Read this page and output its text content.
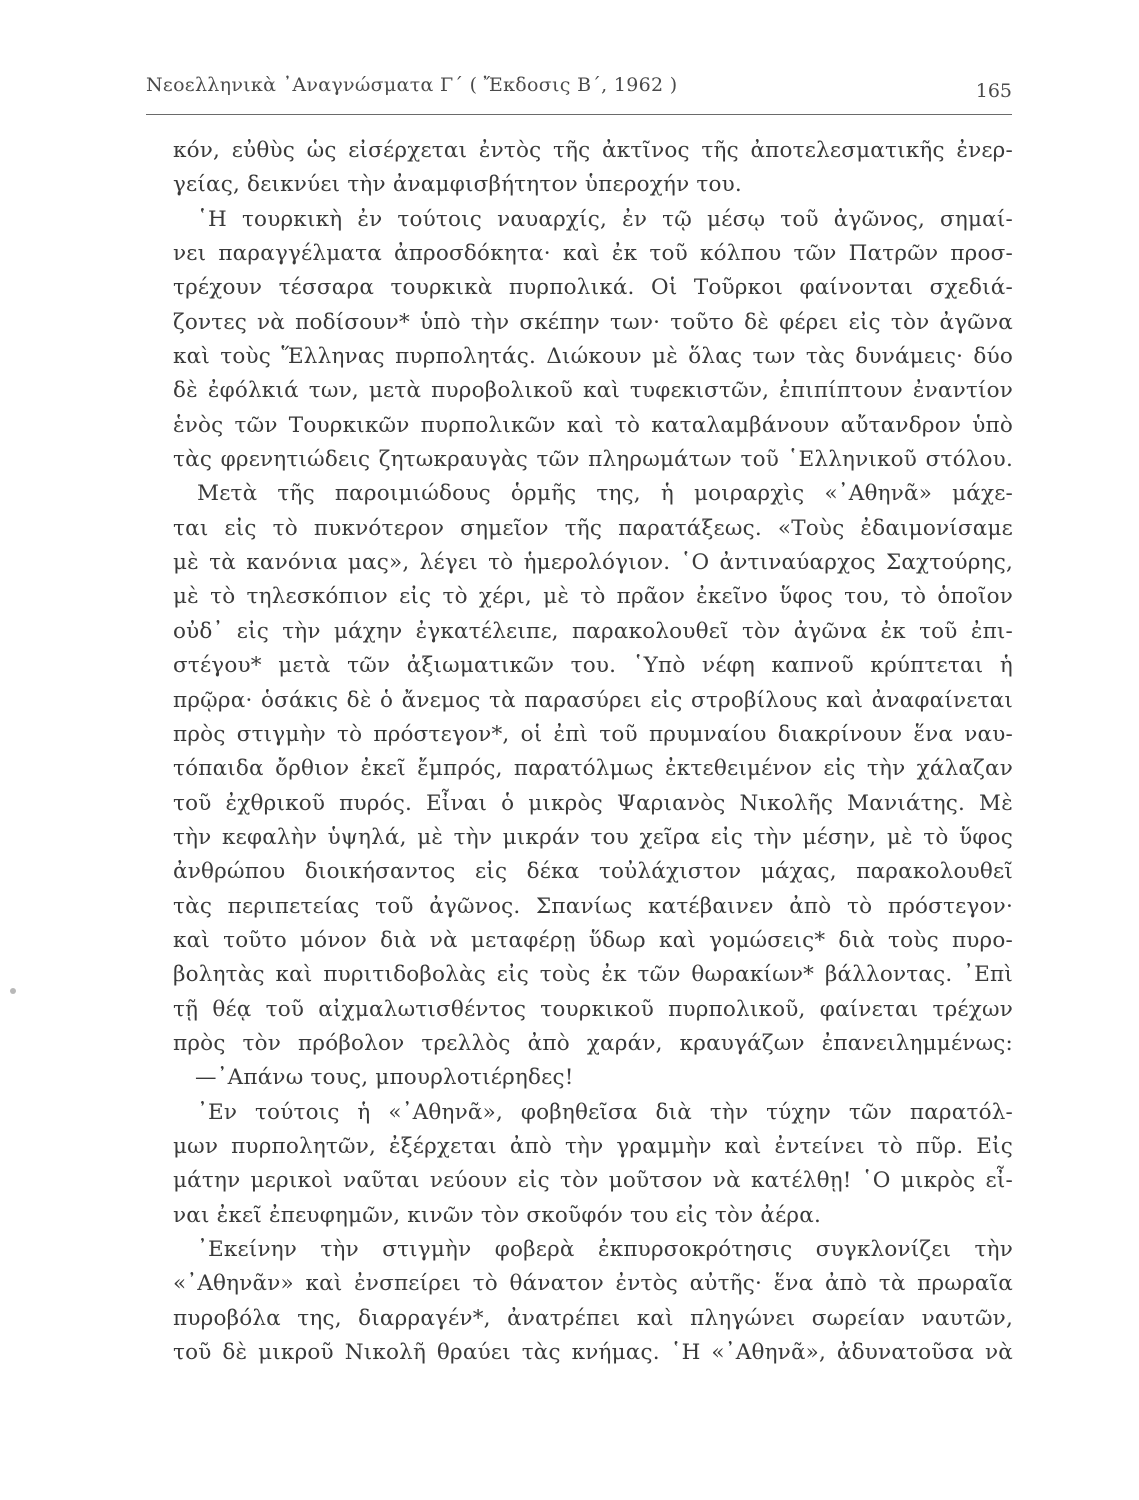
Νεοελληνικὰ ᾿Αναγνώσματα Γ΄ ( Ἔκδοσις Β΄, 1962 )	165
κόν, εὐθὺς ὡς εἰσέρχεται ἐντὸς τῆς ἀκτῖνος τῆς ἀποτελεσματικῆς ἐνερ-
γείας, δεικνύει τὴν ἀναμφισβήτητον ὑπεροχήν του.
῾Η τουρκικὴ ἐν τούτοις ναυαρχίς, ἐν τῷ μέσῳ τοῦ ἀγῶνος, σημαί-
νει παραγγέλματα ἀπροσδόκητα· καὶ ἐκ τοῦ κόλπου τῶν Πατρῶν προσ-
τρέχουν τέσσαρα τουρκικὰ πυρπολικά. Οἱ Τοῦρκοι φαίνονται σχεδιά-
ζοντες νὰ ποδίσουν* ὑπὸ τὴν σκέπην των· τοῦτο δὲ φέρει εἰς τὸν ἀγῶνα
καὶ τοὺς Ἕλληνας πυρπολητάς. Διώκουν μὲ ὅλας των τὰς δυνάμεις· δύο
δὲ ἐφόλκιά των, μετὰ πυροβολικοῦ καὶ τυφεκιστῶν, ἐπιπίπτουν ἐναντίον
ἑνὸς τῶν Τουρκικῶν πυρπολικῶν καὶ τὸ καταλαμβάνουν αὔτανδρον ὑπὸ
τὰς φρενητιώδεις ζητωκραυγὰς τῶν πληρωμάτων τοῦ ῾Ελληνικοῦ στόλου.
Μετὰ τῆς παροιμιώδους ὁρμῆς της, ἡ μοιραρχὶς «᾿Αθηνᾶ» μάχε-
ται εἰς τὸ πυκνότερον σημεῖον τῆς παρατάξεως. «Τοὺς ἐδαιμονίσαμε
μὲ τὰ κανόνια μας», λέγει τὸ ἡμερολόγιον. ῾Ο ἀντιναύαρχος Σαχτούρης,
μὲ τὸ τηλεσκόπιον εἰς τὸ χέρι, μὲ τὸ πρᾶον ἐκεῖνο ὕφος του, τὸ ὁποῖον
οὐδ᾿ εἰς τὴν μάχην ἐγκατέλειπε, παρακολουθεῖ τὸν ἀγῶνα ἐκ τοῦ ἐπι-
στέγου* μετὰ τῶν ἀξιωματικῶν του. ῾Υπὸ νέφη καπνοῦ κρύπτεται ἡ
πρῷρα· ὁσάκις δὲ ὁ ἄνεμος τὰ παρασύρει εἰς στροβίλους καὶ ἀναφαίνεται
πρὸς στιγμὴν τὸ πρόστεγον*, οἱ ἐπὶ τοῦ πρυμναίου διακρίνουν ἕνα ναυ-
τόπαιδα ὄρθιον ἐκεῖ ἔμπρός, παρατόλμως ἐκτεθειμένον εἰς τὴν χάλαζαν
τοῦ ἐχθρικοῦ πυρός. Εἶναι ὁ μικρὸς Ψαριανὸς Νικολῆς Μανιάτης. Μὲ
τὴν κεφαλὴν ὑψηλά, μὲ τὴν μικράν του χεῖρα εἰς τὴν μέσην, μὲ τὸ ὕφος
ἀνθρώπου διοικήσαντος εἰς δέκα τοὐλάχιστον μάχας, παρακολουθεῖ
τὰς περιπετείας τοῦ ἀγῶνος. Σπανίως κατέβαινεν ἀπὸ τὸ πρόστεγον·
καὶ τοῦτο μόνον διὰ νὰ μεταφέρῃ ὕδωρ καὶ γομώσεις* διὰ τοὺς πυρο-
βολητὰς καὶ πυριτιδοβολὰς εἰς τοὺς ἐκ τῶν θωρακίων* βάλλοντας. ᾿Επὶ
τῇ θέᾳ τοῦ αἰχμαλωτισθέντος τουρκικοῦ πυρπολικοῦ, φαίνεται τρέχων
πρὸς τὸν πρόβολον τρελλὸς ἀπὸ χαράν, κραυγάζων ἐπανειλημμένως:
—᾿Απάνω τους, μπουρλοτιέρηδες!
᾿Εν τούτοις ἡ «᾿Αθηνᾶ», φοβηθεῖσα διὰ τὴν τύχην τῶν παρατόλ-
μων πυρπολητῶν, ἐξέρχεται ἀπὸ τὴν γραμμὴν καὶ ἐντείνει τὸ πῦρ. Εἰς
μάτην μερικοὶ ναῦται νεύουν εἰς τὸν μοῦτσον νὰ κατέλθῃ! ῾Ο μικρὸς εἶ-
ναι ἐκεῖ ἐπευφημῶν, κινῶν τὸν σκοῦφόν του εἰς τὸν ἀέρα.
᾿Εκείνην τὴν στιγμὴν φοβερὰ ἐκπυρσοκρότησις συγκλονίζει τὴν
«᾿Αθηνᾶν» καὶ ἐνσπείρει τὸ θάνατον ἐντὸς αὐτῆς· ἕνα ἀπὸ τὰ πρωραῖα
πυροβόλα της, διαρραγέν*, ἀνατρέπει καὶ πληγώνει σωρείαν ναυτῶν,
τοῦ δὲ μικροῦ Νικολῆ θραύει τὰς κνήμας. ῾Η «᾿Αθηνᾶ», ἀδυνατοῦσα νὰ
